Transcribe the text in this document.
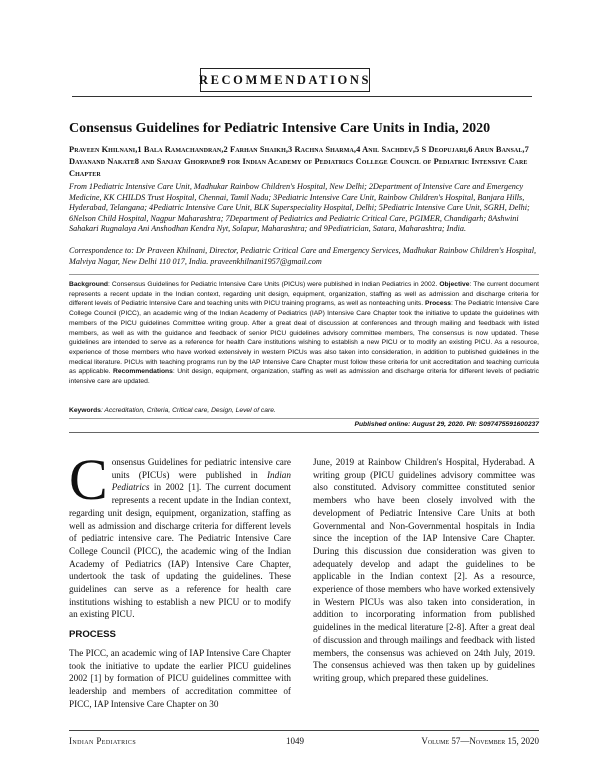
RECOMMENDATIONS
Consensus Guidelines for Pediatric Intensive Care Units in India, 2020
Praveen Khilnani,1 Bala Ramachandran,2 Farhan Shaikh,3 Rachna Sharma,4 Anil Sachdev,5 S Deopujari,6 Arun Bansal,7 Dayanand Nakate8 and Sanjay Ghorpade9 for Indian Academy of Pediatrics College Council of Pediatric Intensive Care Chapter
From 1Pediatric Intensive Care Unit, Madhukar Rainbow Children's Hospital, New Delhi; 2Department of Intensive Care and Emergency Medicine, KK CHILDS Trust Hospital, Chennai, Tamil Nadu; 3Pediatric Intensive Care Unit, Rainbow Children's Hospital, Banjara Hills, Hyderabad, Telangana; 4Pediatric Intensive Care Unit, BLK Superspeciality Hospital, Delhi; 5Pediatric Intensive Care Unit, SGRH, Delhi; 6Nelson Child Hospital, Nagpur Maharashtra; 7Department of Pediatrics and Pediatric Critical Care, PGIMER, Chandigarh; 8Ashwini Sahakari Rugnalaya Ani Anshodhan Kendra Nyt, Solapur, Maharashtra; and 9Pediatrician, Satara, Maharashtra; India.
Correspondence to: Dr Praveen Khilnani, Director, Pediatric Critical Care and Emergency Services, Madhukar Rainbow Children's Hospital, Malviya Nagar, New Delhi 110 017, India. praveenkhilnani1957@gmail.com
Background: Consensus Guidelines for Pediatric Intensive Care Units (PICUs) were published in Indian Pediatrics in 2002. Objective: The current document represents a recent update in the Indian context, regarding unit design, equipment, organization, staffing as well as admission and discharge criteria for different levels of Pediatric Intensive Care and teaching units with PICU training programs, as well as nonteaching units. Process: The Pediatric Intensive Care College Council (PICC), an academic wing of the Indian Academy of Pediatrics (IAP) Intensive Care Chapter took the initiative to update the guidelines with members of the PICU guidelines Committee writing group. After a great deal of discussion at conferences and through mailing and feedback with listed members, as well as with the guidance and feedback of senior PICU guidelines advisory committee members, The consensus is now updated. These guidelines are intended to serve as a reference for health Care institutions wishing to establish a new PICU or to modify an existing PICU. As a resource, experience of those members who have worked extensively in western PICUs was also taken into consideration, in addition to published guidelines in the medical literature. PICUs with teaching programs run by the IAP Intensive Care Chapter must follow these criteria for unit accreditation and teaching curricula as applicable. Recommendations: Unit design, equipment, organization, staffing as well as admission and discharge criteria for different levels of pediatric intensive care are updated.
Keywords: Accreditation, Criteria, Critical care, Design, Level of care.
Published online: August 29, 2020. PII: S097475591600237

Consensus Guidelines for pediatric intensive care units (PICUs) were published in Indian Pediatrics in 2002 [1]. The current document represents a recent update in the Indian context, regarding unit design, equipment, organization, staffing as well as admission and discharge criteria for different levels of pediatric intensive care. The Pediatric Intensive Care College Council (PICC), the academic wing of the Indian Academy of Pediatrics (IAP) Intensive Care Chapter, undertook the task of updating the guidelines. These guidelines can serve as a reference for health care institutions wishing to establish a new PICU or to modify an existing PICU.

PROCESS

The PICC, an academic wing of IAP Intensive Care Chapter took the initiative to update the earlier PICU guidelines 2002 [1] by formation of PICU guidelines committee with leadership and members of accreditation committee of PICC, IAP Intensive Care Chapter on 30

June, 2019 at Rainbow Children's Hospital, Hyderabad. A writing group (PICU guidelines advisory committee was also constituted. Advisory committee constituted senior members who have been closely involved with the development of Pediatric Intensive Care Units at both Governmental and Non-Governmental hospitals in India since the inception of the IAP Intensive Care Chapter. During this discussion due consideration was given to adequately develop and adapt the guidelines to be applicable in the Indian context [2]. As a resource, experience of those members who have worked extensively in Western PICUs was also taken into consideration, in addition to incorporating information from published guidelines in the medical literature [2-8]. After a great deal of discussion and through mailings and feedback with listed members, the consensus was achieved on 24th July, 2019. The consensus achieved was then taken up by guidelines writing group, which prepared these guidelines.

Indian Pediatrics	1049	Volume 57—November 15, 2020
